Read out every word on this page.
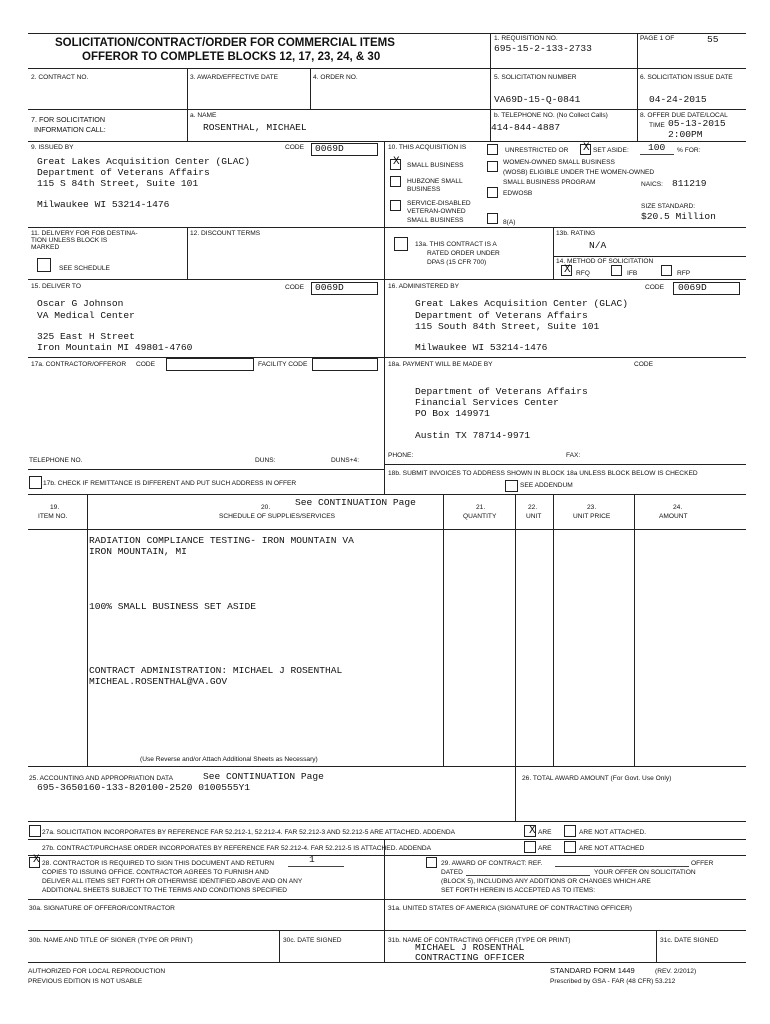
SOLICITATION/CONTRACT/ORDER FOR COMMERCIAL ITEMS
OFFEROR TO COMPLETE BLOCKS 12, 17, 23, 24, & 30
1. REQUISITION NO.
695-15-2-133-2733
PAGE 1 OF	55
2. CONTRACT NO.	3. AWARD/EFFECTIVE DATE	4. ORDER NO.	5. SOLICITATION NUMBER
VA69D-15-Q-0841
6. SOLICITATION ISSUE DATE
04-24-2015
7. FOR SOLICITATION
INFORMATION CALL:
a. NAME
ROSENTHAL, MICHAEL
b. TELEPHONE NO. (No Collect Calls)
414-844-4887
8. OFFER DUE DATE/LOCAL
TIME 05-13-2015
2:00PM
9. ISSUED BY	CODE 0069D
Great Lakes Acquisition Center (GLAC)
Department of Veterans Affairs
115 S 84th Street, Suite 101
Milwaukee WI 53214-1476
10. THIS ACQUISITION IS	UNRESTRICTED OR X SET ASIDE: 100 % FOR:
X SMALL BUSINESS
HUBZONE SMALL
BUSINESS
SERVICE-DISABLED
VETERAN-OWNED
SMALL BUSINESS	8(A)
WOMEN-OWNED SMALL BUSINESS
(WOSB) ELIGIBLE UNDER THE WOMEN-OWNED
SMALL BUSINESS PROGRAM
EDWOSB
NAICS: 811219
SIZE STANDARD:
$20.5 Million
11. DELIVERY FOR FOB DESTINA-
TION UNLESS BLOCK IS
MARKED
SEE SCHEDULE
12. DISCOUNT TERMS
13a. THIS CONTRACT IS A
RATED ORDER UNDER
DPAS (15 CFR 700)
13b. RATING
N/A
14. METHOD OF SOLICITATION
X RFQ	IFB	RFP
15. DELIVER TO	CODE 0069D
Oscar G Johnson
VA Medical Center
325 East H Street
Iron Mountain MI 49801-4760
16. ADMINISTERED BY	CODE 0069D
Great Lakes Acquisition Center (GLAC)
Department of Veterans Affairs
115 South 84th Street, Suite 101
Milwaukee WI 53214-1476
17a. CONTRACTOR/OFFEROR CODE	FACILITY CODE
TELEPHONE NO.	DUNS:	DUNS+4:
17b. CHECK IF REMITTANCE IS DIFFERENT AND PUT SUCH ADDRESS IN OFFER
18a. PAYMENT WILL BE MADE BY	CODE
Department of Veterans Affairs
Financial Services Center
PO Box 149971
Austin TX 78714-9971
PHONE:	FAX:
18b. SUBMIT INVOICES TO ADDRESS SHOWN IN BLOCK 18a UNLESS BLOCK BELOW IS CHECKED
SEE ADDENDUM
19.
ITEM NO.
20.
SCHEDULE OF SUPPLIES/SERVICES
See CONTINUATION Page	21.
QUANTITY
22.
UNIT
23.
UNIT PRICE
24.
AMOUNT
RADIATION COMPLIANCE TESTING- IRON MOUNTAIN VA
IRON MOUNTAIN, MI
100% SMALL BUSINESS SET ASIDE
CONTRACT ADMINISTRATION: MICHAEL J ROSENTHAL
MICHEAL.ROSENTHAL@VA.GOV
(Use Reverse and/or Attach Additional Sheets as Necessary)
25. ACCOUNTING AND APPROPRIATION DATA	See CONTINUATION Page
695-3650160-133-820100-2520 0100555Y1
26. TOTAL AWARD AMOUNT (For Govt. Use Only)
27a. SOLICITATION INCORPORATES BY REFERENCE FAR 52.212-1, 52.212-4. FAR 52.212-3 AND 52.212-5 ARE ATTACHED. ADDENDA	X ARE	ARE NOT ATTACHED.
27b. CONTRACT/PURCHASE ORDER INCORPORATES BY REFERENCE FAR 52.212-4. FAR 52.212-5 IS ATTACHED. ADDENDA	ARE	ARE NOT ATTACHED
X 28. CONTRACTOR IS REQUIRED TO SIGN THIS DOCUMENT AND RETURN	1
COPIES TO ISSUING OFFICE. CONTRACTOR AGREES TO FURNISH AND
DELIVER ALL ITEMS SET FORTH OR OTHERWISE IDENTIFIED ABOVE AND ON ANY
ADDITIONAL SHEETS SUBJECT TO THE TERMS AND CONDITIONS SPECIFIED
29. AWARD OF CONTRACT: REF.	OFFER
DATED	YOUR OFFER ON SOLICITATION
(BLOCK 5), INCLUDING ANY ADDITIONS OR CHANGES WHICH ARE
SET FORTH HEREIN IS ACCEPTED AS TO ITEMS:
30a. SIGNATURE OF OFFEROR/CONTRACTOR	31a. UNITED STATES OF AMERICA (SIGNATURE OF CONTRACTING OFFICER)
30b. NAME AND TITLE OF SIGNER (TYPE OR PRINT)	30c. DATE SIGNED	31b. NAME OF CONTRACTING OFFICER (TYPE OR PRINT)
MICHAEL J ROSENTHAL
CONTRACTING OFFICER
31c. DATE SIGNED
AUTHORIZED FOR LOCAL REPRODUCTION
PREVIOUS EDITION IS NOT USABLE
STANDARD FORM 1449	(REV. 2/2012)
Prescribed by GSA - FAR (48 CFR) 53.212
